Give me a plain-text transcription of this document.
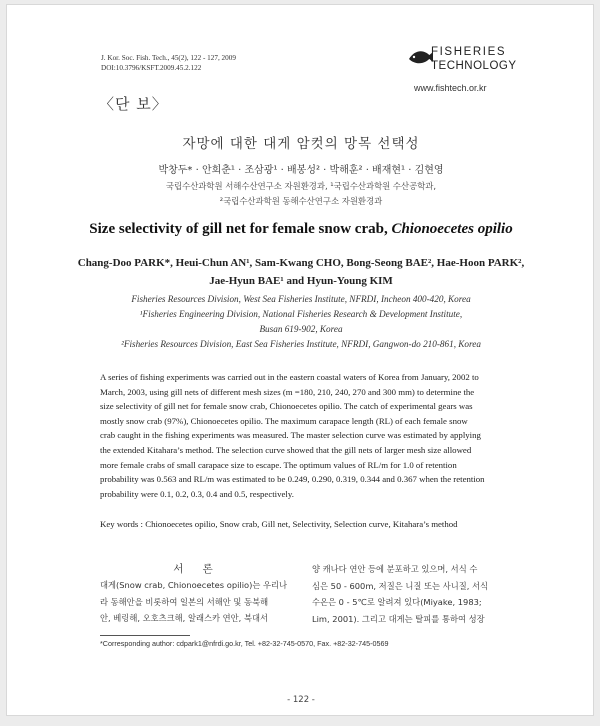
J. Kor. Soc. Fish. Tech., 45(2), 122 - 127, 2009
DOI:10.3796/KSFT.2009.45.2.122
FISHERIES
TECHNOLOGY
www.fishtech.or.kr
〈단 보〉
자망에 대한 대게 암컷의 망목 선택성
박창두* · 안희춘¹ · 조삼광¹ · 배봉성² · 박해훈² · 배재현¹ · 김현영
국립수산과학원 서해수산연구소 자원환경과, ¹국립수산과학원 수산공학과,
²국립수산과학원 동해수산연구소 자원환경과
Size selectivity of gill net for female snow crab, Chionoecetes opilio
Chang-Doo PARK*, Heui-Chun AN¹, Sam-Kwang CHO, Bong-Seong BAE², Hae-Hoon PARK²,
Jae-Hyun BAE¹ and Hyun-Young KIM
Fisheries Resources Division, West Sea Fisheries Institute, NFRDI, Incheon 400-420, Korea
¹Fisheries Engineering Division, National Fisheries Research & Development Institute,
Busan 619-902, Korea
²Fisheries Resources Division, East Sea Fisheries Institute, NFRDI, Gangwon-do 210-861, Korea
A series of fishing experiments was carried out in the eastern coastal waters of Korea from January, 2002 to
March, 2003, using gill nets of different mesh sizes (m =180, 210, 240, 270 and 300 mm) to determine the
size selectivity of gill net for female snow crab, Chionoecetes opilio. The catch of experimental gears was
mostly snow crab (97%), Chionoecetes opilio. The maximum carapace length (RL) of each female snow
crab caught in the fishing experiments was measured. The master selection curve was estimated by applying
the extended Kitahara’s method. The selection curve showed that the gill nets of larger mesh size allowed
more female crabs of small carapace size to escape. The optimum values of RL/m for 1.0 of retention
probability was 0.563 and RL/m was estimated to be 0.249, 0.290, 0.319, 0.344 and 0.367 when the retention
probability were 0.1, 0.2, 0.3, 0.4 and 0.5, respectively.
Key words : Chionoecetes opilio, Snow crab, Gill net, Selectivity, Selection curve, Kitahara’s method
서 론
대게(Snow crab, Chionoecetes opilio)는 우리나
라 동해안을 비롯하여 일본의 서해안 및 동북해
안, 베링해, 오호츠크해, 알래스카 연안, 북대서
양 캐나다 연안 등에 분포하고 있으며, 서식 수
심은 50 - 600m, 저질은 니질 또는 사니질, 서식
수온은 0 - 5℃로 알려져 있다(Miyake, 1983;
Lim, 2001). 그리고 대게는 탈피를 통하여 성장
*Corresponding author: cdpark1@nfrdi.go.kr, Tel. +82-32-745-0570, Fax. +82-32-745-0569
- 122 -
